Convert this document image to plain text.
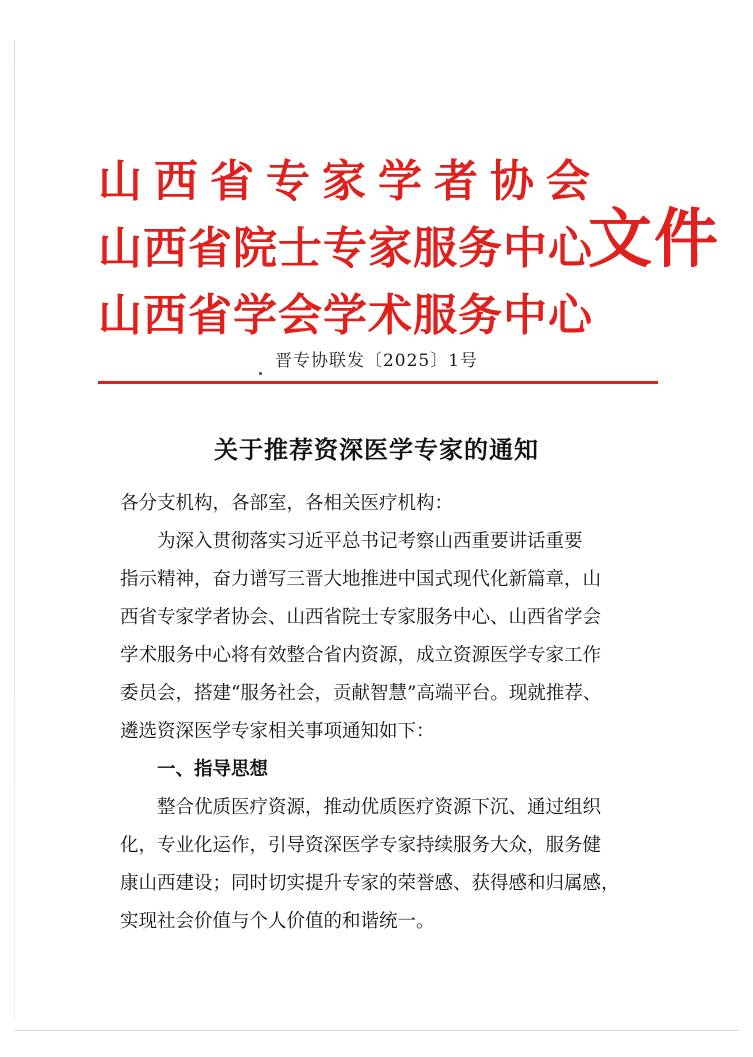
山西省专家学者协会
山西省院士专家服务中心
山西省学会学术服务中心
文件
晋专协联发〔2025〕1号
关于推荐资深医学专家的通知
各分支机构，各部室，各相关医疗机构：
为深入贯彻落实习近平总书记考察山西重要讲话重要
指示精神，奋力谱写三晋大地推进中国式现代化新篇章，山
西省专家学者协会、山西省院士专家服务中心、山西省学会
学术服务中心将有效整合省内资源，成立资源医学专家工作
委员会，搭建“服务社会，贡献智慧”高端平台。现就推荐、
遴选资深医学专家相关事项通知如下：
一、指导思想
整合优质医疗资源，推动优质医疗资源下沉、通过组织
化，专业化运作，引导资深医学专家持续服务大众，服务健
康山西建设；同时切实提升专家的荣誉感、获得感和归属感，
实现社会价值与个人价值的和谐统一。
